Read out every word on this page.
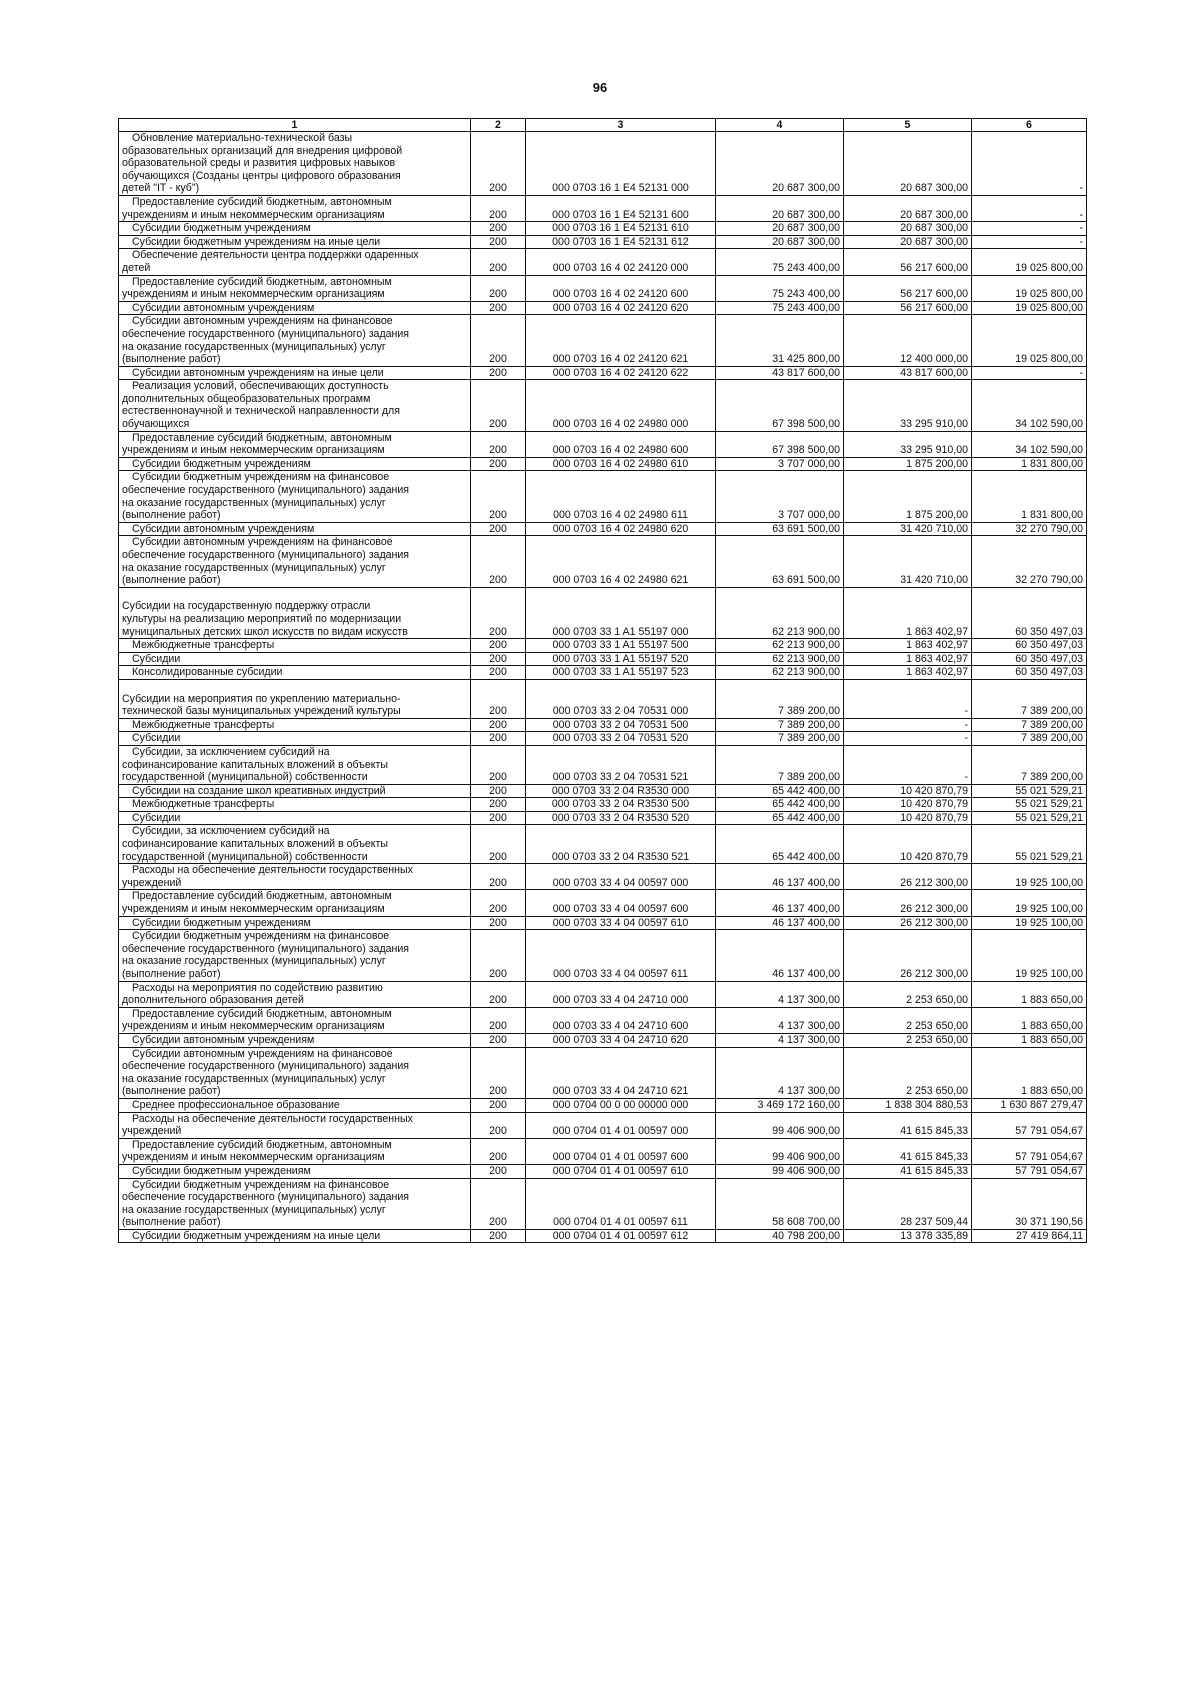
96
1	2	3	4	5	6
Обновление материально-технической базы
образовательных организаций для внедрения цифровой
образовательной среды и развития цифровых навыков
обучающихся (Созданы центры цифрового образования
детей "IT - куб")	200	000 0703 16 1 E4 52131 000	20 687 300,00	20 687 300,00	-
Предоставление субсидий бюджетным, автономным
учреждениям и иным некоммерческим организациям	200	000 0703 16 1 E4 52131 600	20 687 300,00	20 687 300,00	-
Субсидии бюджетным учреждениям	200	000 0703 16 1 E4 52131 610	20 687 300,00	20 687 300,00	-
Субсидии бюджетным учреждениям на иные цели	200	000 0703 16 1 E4 52131 612	20 687 300,00	20 687 300,00	-
Обеспечение деятельности центра поддержки одаренных
детей	200	000 0703 16 4 02 24120 000	75 243 400,00	56 217 600,00	19 025 800,00
Предоставление субсидий бюджетным, автономным
учреждениям и иным некоммерческим организациям	200	000 0703 16 4 02 24120 600	75 243 400,00	56 217 600,00	19 025 800,00
Субсидии автономным учреждениям	200	000 0703 16 4 02 24120 620	75 243 400,00	56 217 600,00	19 025 800,00
Субсидии автономным учреждениям на финансовое
обеспечение государственного (муниципального) задания
на оказание государственных (муниципальных) услуг
(выполнение работ)	200	000 0703 16 4 02 24120 621	31 425 800,00	12 400 000,00	19 025 800,00
Субсидии автономным учреждениям на иные цели	200	000 0703 16 4 02 24120 622	43 817 600,00	43 817 600,00	-
Реализация условий, обеспечивающих доступность
дополнительных общеобразовательных программ
естественнонаучной и технической направленности для
обучающихся	200	000 0703 16 4 02 24980 000	67 398 500,00	33 295 910,00	34 102 590,00
Предоставление субсидий бюджетным, автономным
учреждениям и иным некоммерческим организациям	200	000 0703 16 4 02 24980 600	67 398 500,00	33 295 910,00	34 102 590,00
Субсидии бюджетным учреждениям	200	000 0703 16 4 02 24980 610	3 707 000,00	1 875 200,00	1 831 800,00
Субсидии бюджетным учреждениям на финансовое
обеспечение государственного (муниципального) задания
на оказание государственных (муниципальных) услуг
(выполнение работ)	200	000 0703 16 4 02 24980 611	3 707 000,00	1 875 200,00	1 831 800,00
Субсидии автономным учреждениям	200	000 0703 16 4 02 24980 620	63 691 500,00	31 420 710,00	32 270 790,00
Субсидии автономным учреждениям на финансовое
обеспечение государственного (муниципального) задания
на оказание государственных (муниципальных) услуг
(выполнение работ)	200	000 0703 16 4 02 24980 621	63 691 500,00	31 420 710,00	32 270 790,00

Субсидии на государственную поддержку отрасли
культуры на реализацию мероприятий по модернизации
муниципальных детских школ искусств по видам искусств	200	000 0703 33 1 A1 55197 000	62 213 900,00	1 863 402,97	60 350 497,03
Межбюджетные трансферты	200	000 0703 33 1 A1 55197 500	62 213 900,00	1 863 402,97	60 350 497,03
Субсидии	200	000 0703 33 1 A1 55197 520	62 213 900,00	1 863 402,97	60 350 497,03
Консолидированные субсидии	200	000 0703 33 1 A1 55197 523	62 213 900,00	1 863 402,97	60 350 497,03

Субсидии на мероприятия по укреплению материально-
технической базы муниципальных учреждений культуры	200	000 0703 33 2 04 70531 000	7 389 200,00	-	7 389 200,00
Межбюджетные трансферты	200	000 0703 33 2 04 70531 500	7 389 200,00	-	7 389 200,00
Субсидии	200	000 0703 33 2 04 70531 520	7 389 200,00	-	7 389 200,00
Субсидии, за исключением субсидий на
софинансирование капитальных вложений в объекты
государственной (муниципальной) собственности	200	000 0703 33 2 04 70531 521	7 389 200,00	-	7 389 200,00
Субсидии на создание школ креативных индустрий	200	000 0703 33 2 04 R3530 000	65 442 400,00	10 420 870,79	55 021 529,21
Межбюджетные трансферты	200	000 0703 33 2 04 R3530 500	65 442 400,00	10 420 870,79	55 021 529,21
Субсидии	200	000 0703 33 2 04 R3530 520	65 442 400,00	10 420 870,79	55 021 529,21
Субсидии, за исключением субсидий на
софинансирование капитальных вложений в объекты
государственной (муниципальной) собственности	200	000 0703 33 2 04 R3530 521	65 442 400,00	10 420 870,79	55 021 529,21
Расходы на обеспечение деятельности государственных
учреждений	200	000 0703 33 4 04 00597 000	46 137 400,00	26 212 300,00	19 925 100,00
Предоставление субсидий бюджетным, автономным
учреждениям и иным некоммерческим организациям	200	000 0703 33 4 04 00597 600	46 137 400,00	26 212 300,00	19 925 100,00
Субсидии бюджетным учреждениям	200	000 0703 33 4 04 00597 610	46 137 400,00	26 212 300,00	19 925 100,00
Субсидии бюджетным учреждениям на финансовое
обеспечение государственного (муниципального) задания
на оказание государственных (муниципальных) услуг
(выполнение работ)	200	000 0703 33 4 04 00597 611	46 137 400,00	26 212 300,00	19 925 100,00
Расходы на мероприятия по содействию развитию
дополнительного образования детей	200	000 0703 33 4 04 24710 000	4 137 300,00	2 253 650,00	1 883 650,00
Предоставление субсидий бюджетным, автономным
учреждениям и иным некоммерческим организациям	200	000 0703 33 4 04 24710 600	4 137 300,00	2 253 650,00	1 883 650,00
Субсидии автономным учреждениям	200	000 0703 33 4 04 24710 620	4 137 300,00	2 253 650,00	1 883 650,00
Субсидии автономным учреждениям на финансовое
обеспечение государственного (муниципального) задания
на оказание государственных (муниципальных) услуг
(выполнение работ)	200	000 0703 33 4 04 24710 621	4 137 300,00	2 253 650,00	1 883 650,00
Среднее профессиональное образование	200	000 0704 00 0 00 00000 000	3 469 172 160,00	1 838 304 880,53	1 630 867 279,47
Расходы на обеспечение деятельности государственных
учреждений	200	000 0704 01 4 01 00597 000	99 406 900,00	41 615 845,33	57 791 054,67
Предоставление субсидий бюджетным, автономным
учреждениям и иным некоммерческим организациям	200	000 0704 01 4 01 00597 600	99 406 900,00	41 615 845,33	57 791 054,67
Субсидии бюджетным учреждениям	200	000 0704 01 4 01 00597 610	99 406 900,00	41 615 845,33	57 791 054,67
Субсидии бюджетным учреждениям на финансовое
обеспечение государственного (муниципального) задания
на оказание государственных (муниципальных) услуг
(выполнение работ)	200	000 0704 01 4 01 00597 611	58 608 700,00	28 237 509,44	30 371 190,56
Субсидии бюджетным учреждениям на иные цели	200	000 0704 01 4 01 00597 612	40 798 200,00	13 378 335,89	27 419 864,11
